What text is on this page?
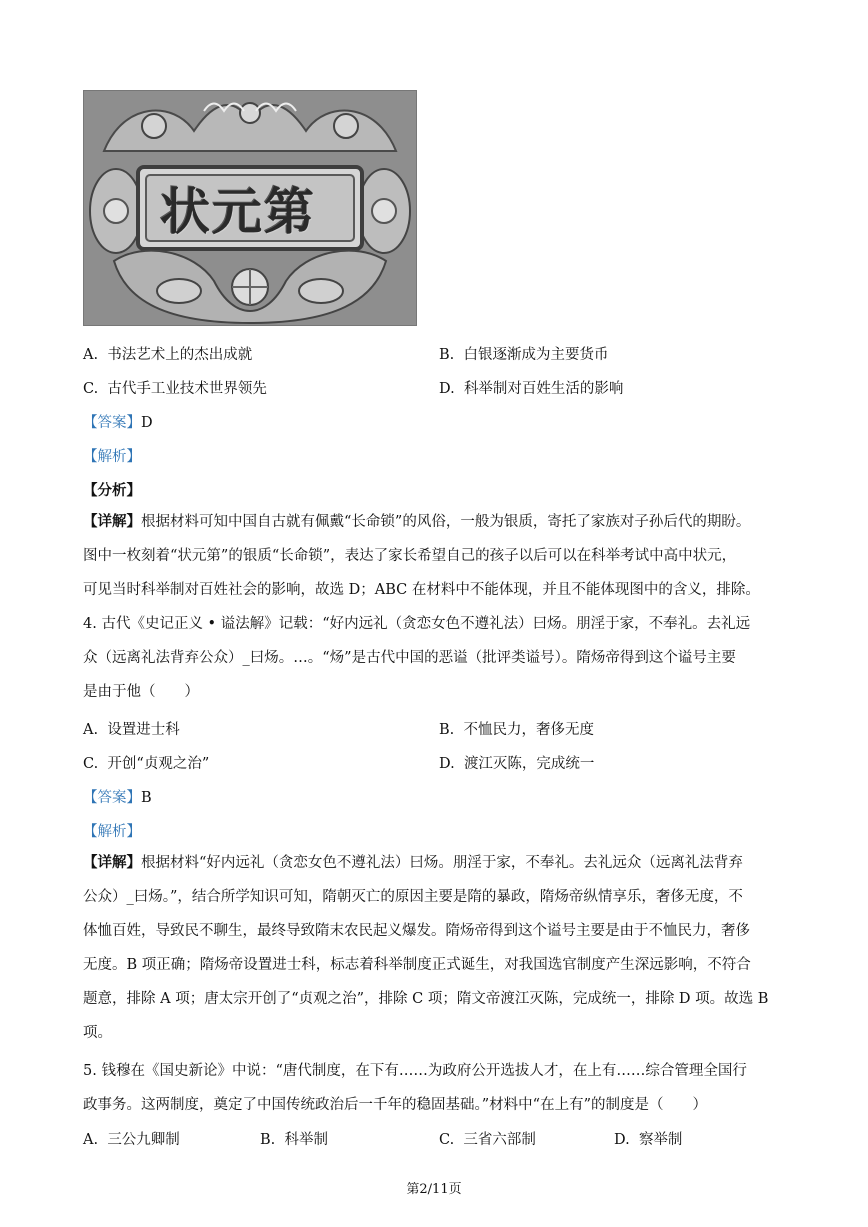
状元第
A. 书法艺术上的杰出成就	B. 白银逐渐成为主要货币
C. 古代手工业技术世界领先	D. 科举制对百姓生活的影响
【答案】D
【解析】
【分析】
【详解】根据材料可知中国自古就有佩戴“长命锁”的风俗，一般为银质，寄托了家族对子孙后代的期盼。
图中一枚刻着“状元第”的银质“长命锁”，表达了家长希望自己的孩子以后可以在科举考试中高中状元，
可见当时科举制对百姓社会的影响，故选 D；ABC 在材料中不能体现，并且不能体现图中的含义，排除。
4. 古代《史记正义 • 谥法解》记载：“好内远礼（贪恋女色不遵礼法）曰炀。朋淫于家，不奉礼。去礼远
众（远离礼法背弃公众）_曰炀。…。“炀”是古代中国的恶谥（批评类谥号）。隋炀帝得到这个谥号主要
是由于他（　　）
A. 设置进士科	B. 不恤民力，奢侈无度
C. 开创“贞观之治”	D. 渡江灭陈，完成统一
【答案】B
【解析】
【详解】根据材料“好内远礼（贪恋女色不遵礼法）曰炀。朋淫于家，不奉礼。去礼远众（远离礼法背弃
公众）_曰炀。”，结合所学知识可知，隋朝灭亡的原因主要是隋的暴政，隋炀帝纵情享乐，奢侈无度，不
体恤百姓，导致民不聊生，最终导致隋末农民起义爆发。隋炀帝得到这个谥号主要是由于不恤民力，奢侈
无度。B 项正确；隋炀帝设置进士科，标志着科举制度正式诞生，对我国选官制度产生深远影响，不符合
题意，排除 A 项；唐太宗开创了“贞观之治”，排除 C 项；隋文帝渡江灭陈，完成统一，排除 D 项。故选 B
项。
5. 钱穆在《国史新论》中说：“唐代制度，在下有……为政府公开选拔人才，在上有……综合管理全国行
政事务。这两制度，奠定了中国传统政治后一千年的稳固基础。”材料中“在上有”的制度是（　　）
A. 三公九卿制	B. 科举制	C. 三省六部制	D. 察举制
第2/11页
